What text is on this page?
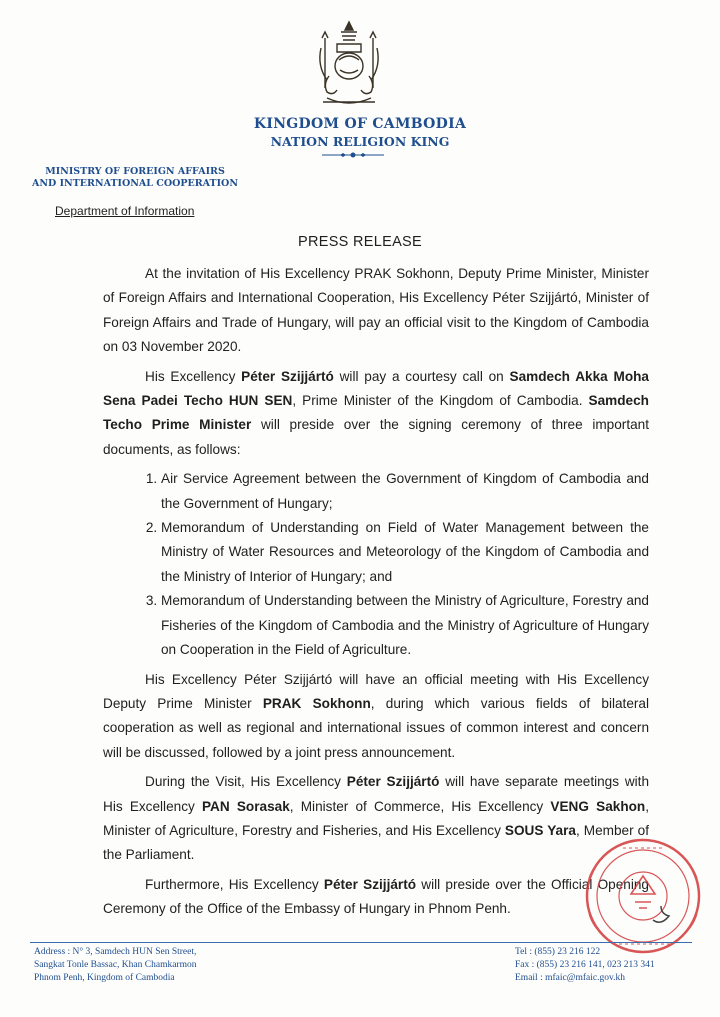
KINGDOM OF CAMBODIA
NATION RELIGION KING
MINISTRY OF FOREIGN AFFAIRS
AND INTERNATIONAL COOPERATION
Department of Information
PRESS RELEASE

At the invitation of His Excellency PRAK Sokhonn, Deputy Prime Minister, Minister of Foreign Affairs and International Cooperation, His Excellency Péter Szijjártó, Minister of Foreign Affairs and Trade of Hungary, will pay an official visit to the Kingdom of Cambodia on 03 November 2020.

His Excellency Péter Szijjártó will pay a courtesy call on Samdech Akka Moha Sena Padei Techo HUN SEN, Prime Minister of the Kingdom of Cambodia. Samdech Techo Prime Minister will preside over the signing ceremony of three important documents, as follows:

1. Air Service Agreement between the Government of Kingdom of Cambodia and the Government of Hungary;
2. Memorandum of Understanding on Field of Water Management between the Ministry of Water Resources and Meteorology of the Kingdom of Cambodia and the Ministry of Interior of Hungary; and
3. Memorandum of Understanding between the Ministry of Agriculture, Forestry and Fisheries of the Kingdom of Cambodia and the Ministry of Agriculture of Hungary on Cooperation in the Field of Agriculture.

His Excellency Péter Szijjártó will have an official meeting with His Excellency Deputy Prime Minister PRAK Sokhonn, during which various fields of bilateral cooperation as well as regional and international issues of common interest and concern will be discussed, followed by a joint press announcement.

During the Visit, His Excellency Péter Szijjártó will have separate meetings with His Excellency PAN Sorasak, Minister of Commerce, His Excellency VENG Sakhon, Minister of Agriculture, Forestry and Fisheries, and His Excellency SOUS Yara, Member of the Parliament.

Furthermore, His Excellency Péter Szijjártó will preside over the Official Opening Ceremony of the Office of the Embassy of Hungary in Phnom Penh.

Address : N° 3, Samdech HUN Sen Street,
Sangkat Tonle Bassac, Khan Chamkarmon
Phnom Penh, Kingdom of Cambodia
Tel : (855) 23 216 122
Fax : (855) 23 216 141, 023 213 341
Email : mfaic@mfaic.gov.kh
